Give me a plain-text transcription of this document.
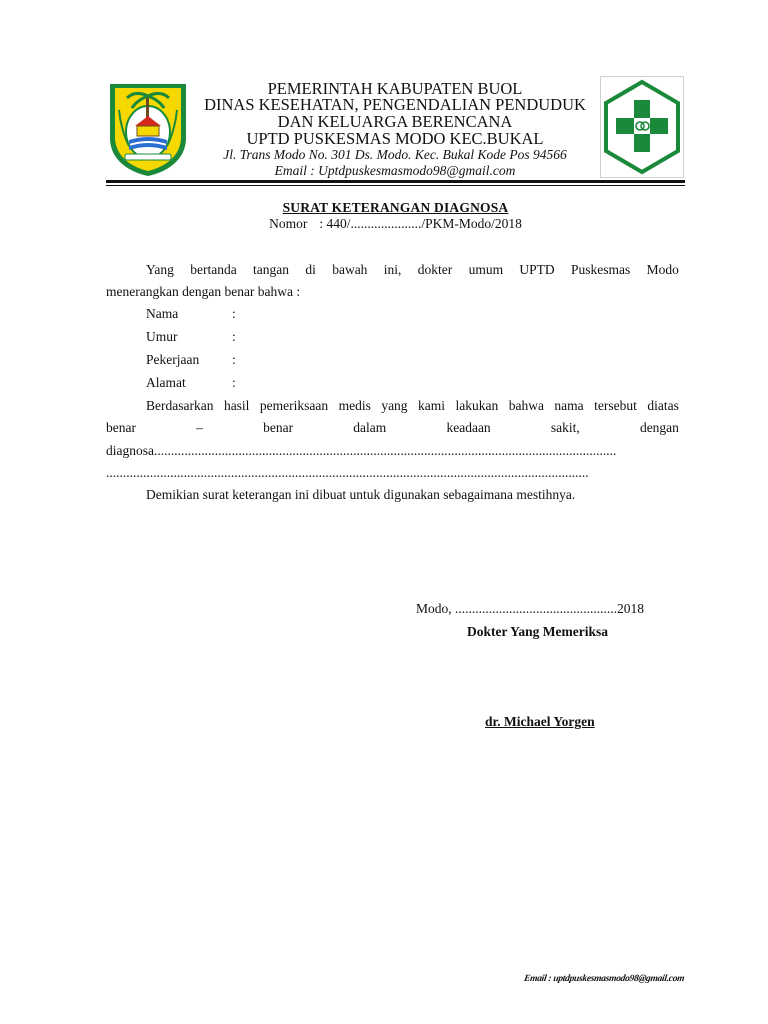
PEMERINTAH KABUPATEN BUOL
DINAS KESEHATAN, PENGENDALIAN PENDUDUK
DAN KELUARGA BERENCANA
UPTD PUSKESMAS MODO KEC.BUKAL
Jl. Trans Modo No. 301 Ds. Modo. Kec. Bukal Kode Pos 94566
Email : Uptdpuskesmasmodo98@gmail.com
SURAT KETERANGAN DIAGNOSA
Nomor : 440/...................../PKM-Modo/2018
Yang bertanda tangan di bawah ini, dokter umum UPTD Puskesmas Modo
menerangkan dengan benar bahwa :
Nama	:
Umur	:
Pekerjaan :
Alamat	:
Berdasarkan hasil pemeriksaan medis yang kami lakukan bahwa nama tersebut diatas
benar	–	benar	dalam	keadaan	sakit,	dengan
diagnosa.........................................................................................................................................
...............................................................................................................................................
Demikian surat keterangan ini dibuat untuk digunakan sebagaimana mestihnya.
Modo, ................................................2018
Dokter Yang Memeriksa
dr. Michael Yorgen
Email : uptdpuskesmasmodo98@gmail.com
